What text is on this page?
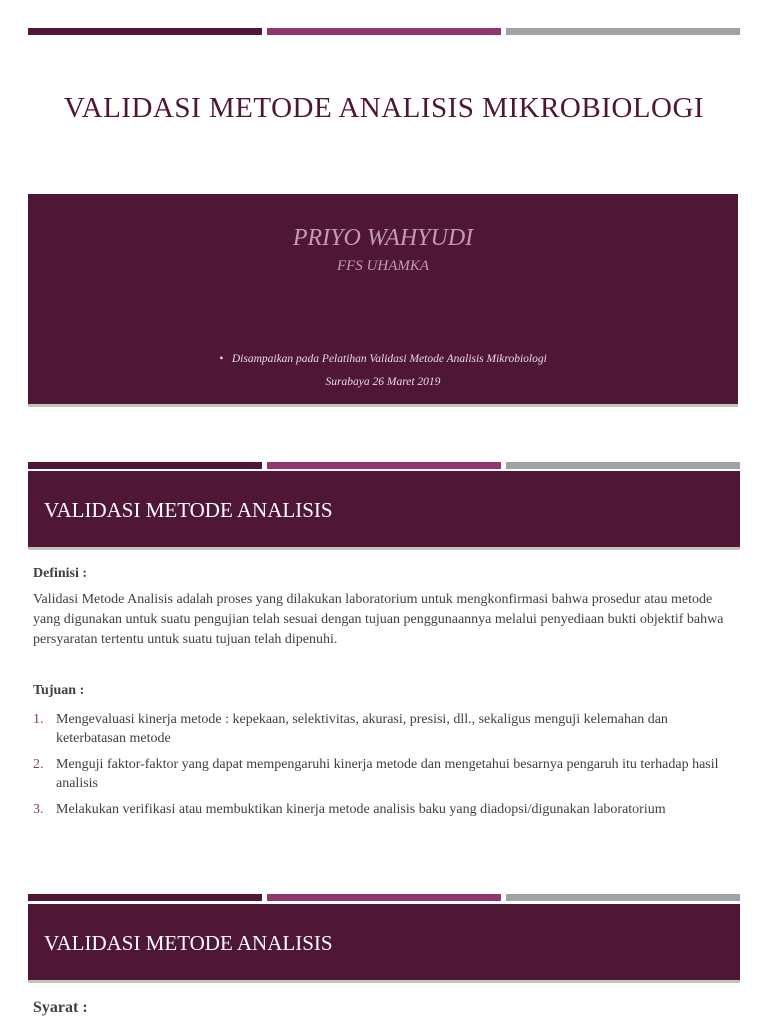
VALIDASI METODE ANALISIS MIKROBIOLOGI
PRIYO WAHYUDI
FFS UHAMKA
• Disampaikan pada Pelatihan Validasi Metode Analisis Mikrobiologi
Surabaya 26 Maret 2019
VALIDASI METODE ANALISIS
Definisi :
Validasi Metode Analisis adalah proses yang dilakukan laboratorium untuk mengkonfirmasi bahwa prosedur atau metode yang digunakan untuk suatu pengujian telah sesuai dengan tujuan penggunaannya melalui penyediaan bukti objektif bahwa persyaratan tertentu untuk suatu tujuan telah dipenuhi.
Tujuan :
1. Mengevaluasi kinerja metode : kepekaan, selektivitas, akurasi, presisi, dll., sekaligus menguji kelemahan dan keterbatasan metode
2. Menguji faktor-faktor yang dapat mempengaruhi kinerja metode dan mengetahui besarnya pengaruh itu terhadap hasil analisis
3. Melakukan verifikasi atau membuktikan kinerja metode analisis baku yang diadopsi/digunakan laboratorium
VALIDASI METODE ANALISIS
Syarat :
